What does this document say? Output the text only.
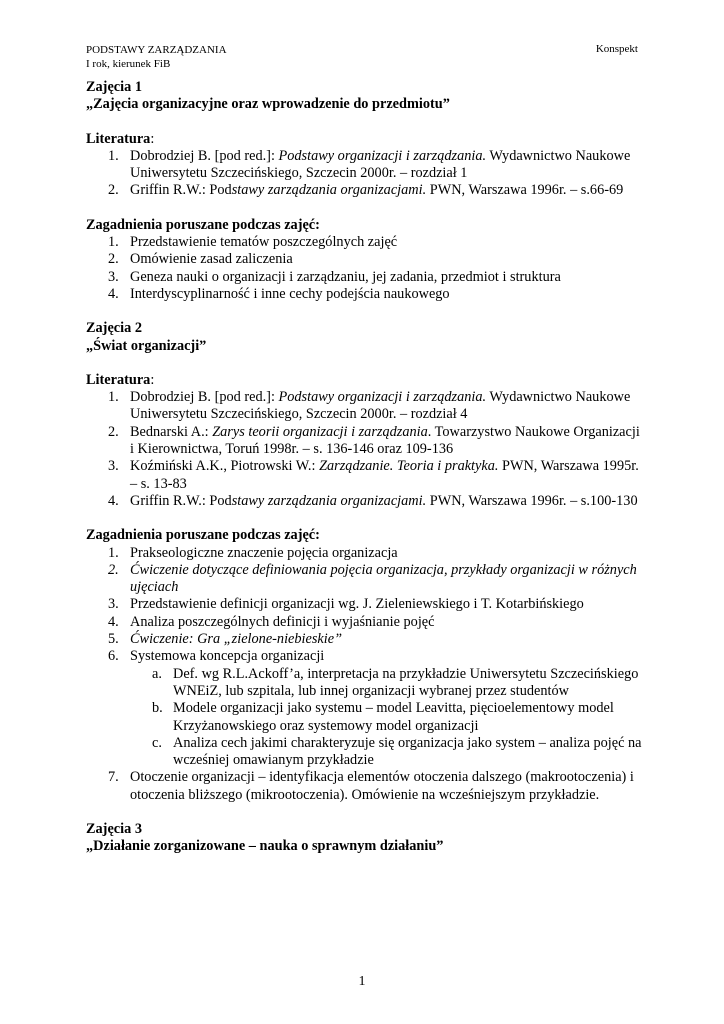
PODSTAWY ZARZĄDZANIA
I rok, kierunek FiB
Konspekt
Zajęcia 1
„Zajęcia organizacyjne oraz wprowadzenie do przedmiotu”
Literatura:
1. Dobrodziej B. [pod red.]: Podstawy organizacji i zarządzania. Wydawnictwo Naukowe Uniwersytetu Szczecińskiego, Szczecin 2000r. – rozdział 1
2. Griffin R.W.: Podstawy zarządzania organizacjami. PWN, Warszawa 1996r. – s.66-69
Zagadnienia poruszane podczas zajęć:
1. Przedstawienie tematów poszczególnych zajęć
2. Omówienie zasad zaliczenia
3. Geneza nauki o organizacji i zarządzaniu, jej zadania, przedmiot i struktura
4. Interdyscyplinarność i inne cechy podejścia naukowego
Zajęcia 2
„Świat organizacji”
Literatura:
1. Dobrodziej B. [pod red.]: Podstawy organizacji i zarządzania. Wydawnictwo Naukowe Uniwersytetu Szczecińskiego, Szczecin 2000r. – rozdział 4
2. Bednarski A.: Zarys teorii organizacji i zarządzania. Towarzystwo Naukowe Organizacji i Kierownictwa, Toruń 1998r. – s. 136-146 oraz 109-136
3. Koźmiński A.K., Piotrowski W.: Zarządzanie. Teoria i praktyka. PWN, Warszawa 1995r. – s. 13-83
4. Griffin R.W.: Podstawy zarządzania organizacjami. PWN, Warszawa 1996r. – s.100-130
Zagadnienia poruszane podczas zajęć:
1. Prakseologiczne znaczenie pojęcia organizacja
2. Ćwiczenie dotyczące definiowania pojęcia organizacja, przykłady organizacji w różnych ujęciach
3. Przedstawienie definicji organizacji wg. J. Zieleniewskiego i T. Kotarbińskiego
4. Analiza poszczególnych definicji i wyjaśnianie pojęć
5. Ćwiczenie: Gra „zielone-niebieskie”
6. Systemowa koncepcja organizacji
a. Def. wg R.L.Ackoff’a, interpretacja na przykładzie Uniwersytetu Szczecińskiego WNEiZ, lub szpitala, lub innej organizacji wybranej przez studentów
b. Modele organizacji jako systemu – model Leavitta, pięcioelementowy model Krzyżanowskiego oraz systemowy model organizacji
c. Analiza cech jakimi charakteryzuje się organizacja jako system – analiza pojęć na wcześniej omawianym przykładzie
7. Otoczenie organizacji – identyfikacja elementów otoczenia dalszego (makrootoczenia) i otoczenia bliższego (mikrootoczenia). Omówienie na wcześniejszym przykładzie.
Zajęcia 3
„Działanie zorganizowane – nauka o sprawnym działaniu”
1
